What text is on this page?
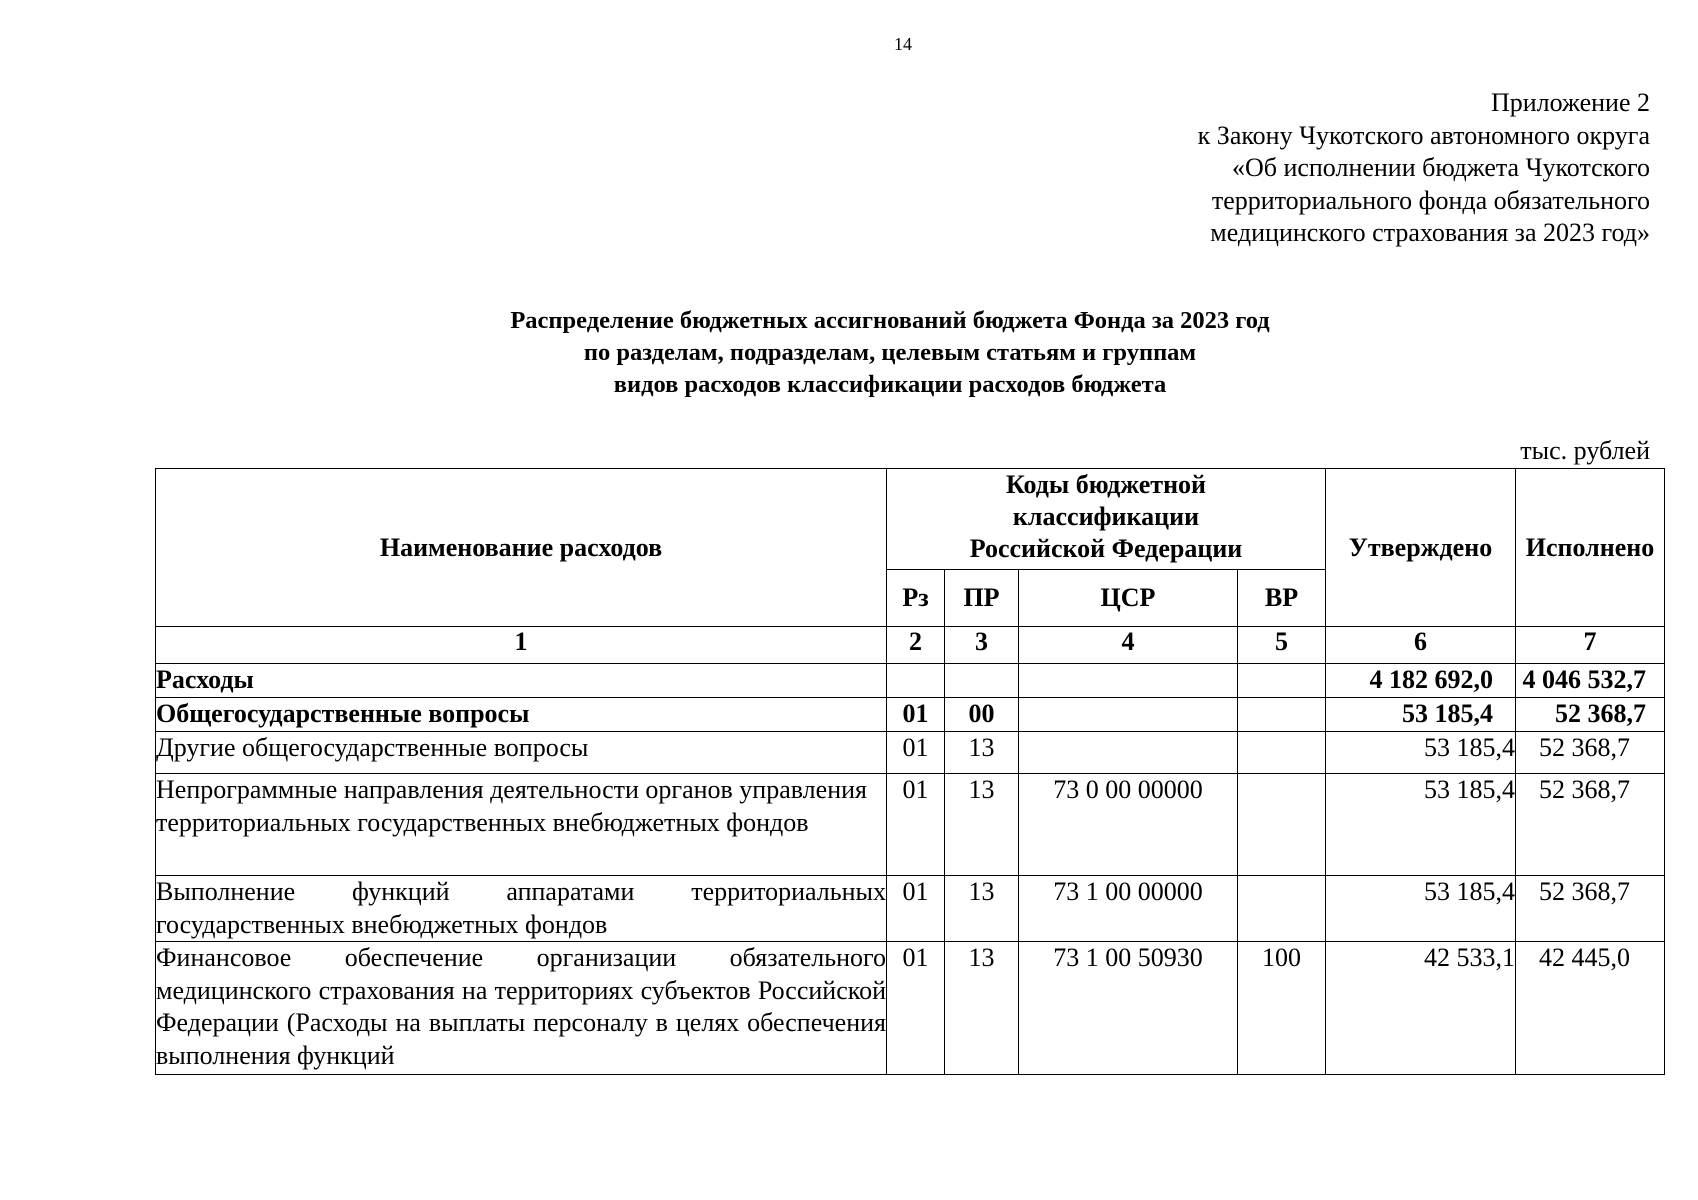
14
Приложение 2
к Закону Чукотского автономного округа
«Об исполнении бюджета Чукотского
территориального фонда обязательного
медицинского страхования за 2023 год»
Распределение бюджетных ассигнований бюджета Фонда за 2023 год
по разделам, подразделам, целевым статьям и группам
видов расходов классификации расходов бюджета
тыс. рублей
Наименование расходов	Коды бюджетной
классификации
Российской Федерации				Утверждено	Исполнено
	Рз	ПР	ЦСР	ВР		
1	2	3	4	5	6	7
Расходы					4 182 692,0	4 046 532,7
Общегосударственные вопросы	01	00			53 185,4	52 368,7
Другие общегосударственные вопросы	01	13			53 185,4	52 368,7
Непрограммные направления деятельности органов управления территориальных государственных внебюджетных фондов	01	13	73 0 00 00000		53 185,4	52 368,7
Выполнение функций аппаратами территориальных государственных внебюджетных фондов	01	13	73 1 00 00000		53 185,4	52 368,7
Финансовое обеспечение организации обязательного медицинского страхования на территориях субъектов Российской Федерации (Расходы на выплаты персоналу в целях обеспечения выполнения функций	01	13	73 1 00 50930	100	42 533,1	42 445,0
